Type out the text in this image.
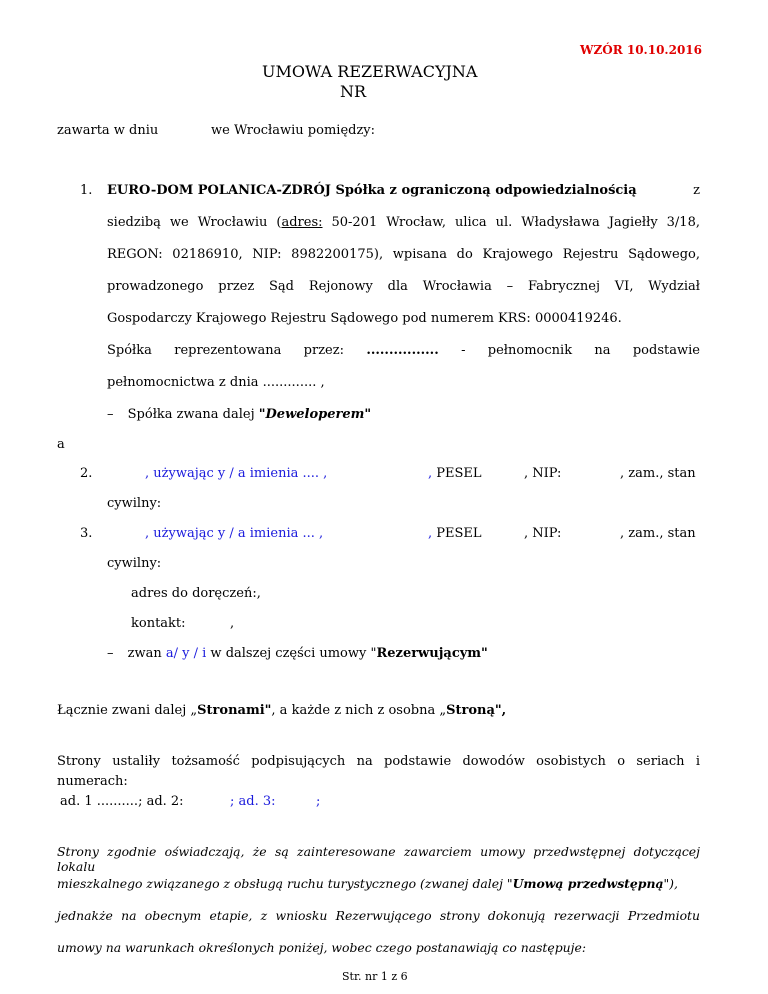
WZÓR 10.10.2016
UMOWA REZERWACYJNA
NR
zawarta w dniu	we Wrocławiu pomiędzy:
1. EURO-DOM POLANICA-ZDRÓJ Spółka z ograniczoną odpowiedzialnością	z
siedzibą we Wrocławiu (adres: 50-201 Wrocław, ulica ul. Władysława Jagiełły 3/18,
REGON: 02186910, NIP: 8982200175), wpisana do Krajowego Rejestru Sądowego,
prowadzonego przez Sąd Rejonowy dla Wrocławia – Fabrycznej VI, Wydział
Gospodarczy Krajowego Rejestru Sądowego pod numerem KRS: 0000419246.
Spółka reprezentowana przez: ................ - pełnomocnik na podstawie
pełnomocnictwa z dnia ............. ,
– Spółka zwana dalej "Deweloperem"
a
2.	, używając y / a imienia .... ,	, PESEL	, NIP:	, zam., stan
cywilny:
3.	, używając y / a imienia ... ,	, PESEL	, NIP:	, zam., stan
cywilny:
adres do doręczeń:,
kontakt:	,
– zwan a/ y / i w dalszej części umowy "Rezerwującym"
Łącznie zwani dalej „Stronami", a każde z nich z osobna „Stroną",
Strony ustaliły tożsamość podpisujących na podstawie dowodów osobistych o seriach i
numerach:
ad. 1 ..........; ad. 2:	; ad. 3:	;
Strony zgodnie oświadczają, że są zainteresowane zawarciem umowy przedwstępnej dotyczącej lokalu
mieszkalnego związanego z obsługą ruchu turystycznego (zwanej dalej "Umową przedwstępną"),
jednakże na obecnym etapie, z wniosku Rezerwującego strony dokonują rezerwacji Przedmiotu
umowy na warunkach określonych poniżej, wobec czego postanawiają co następuje:
Str. nr 1 z 6
